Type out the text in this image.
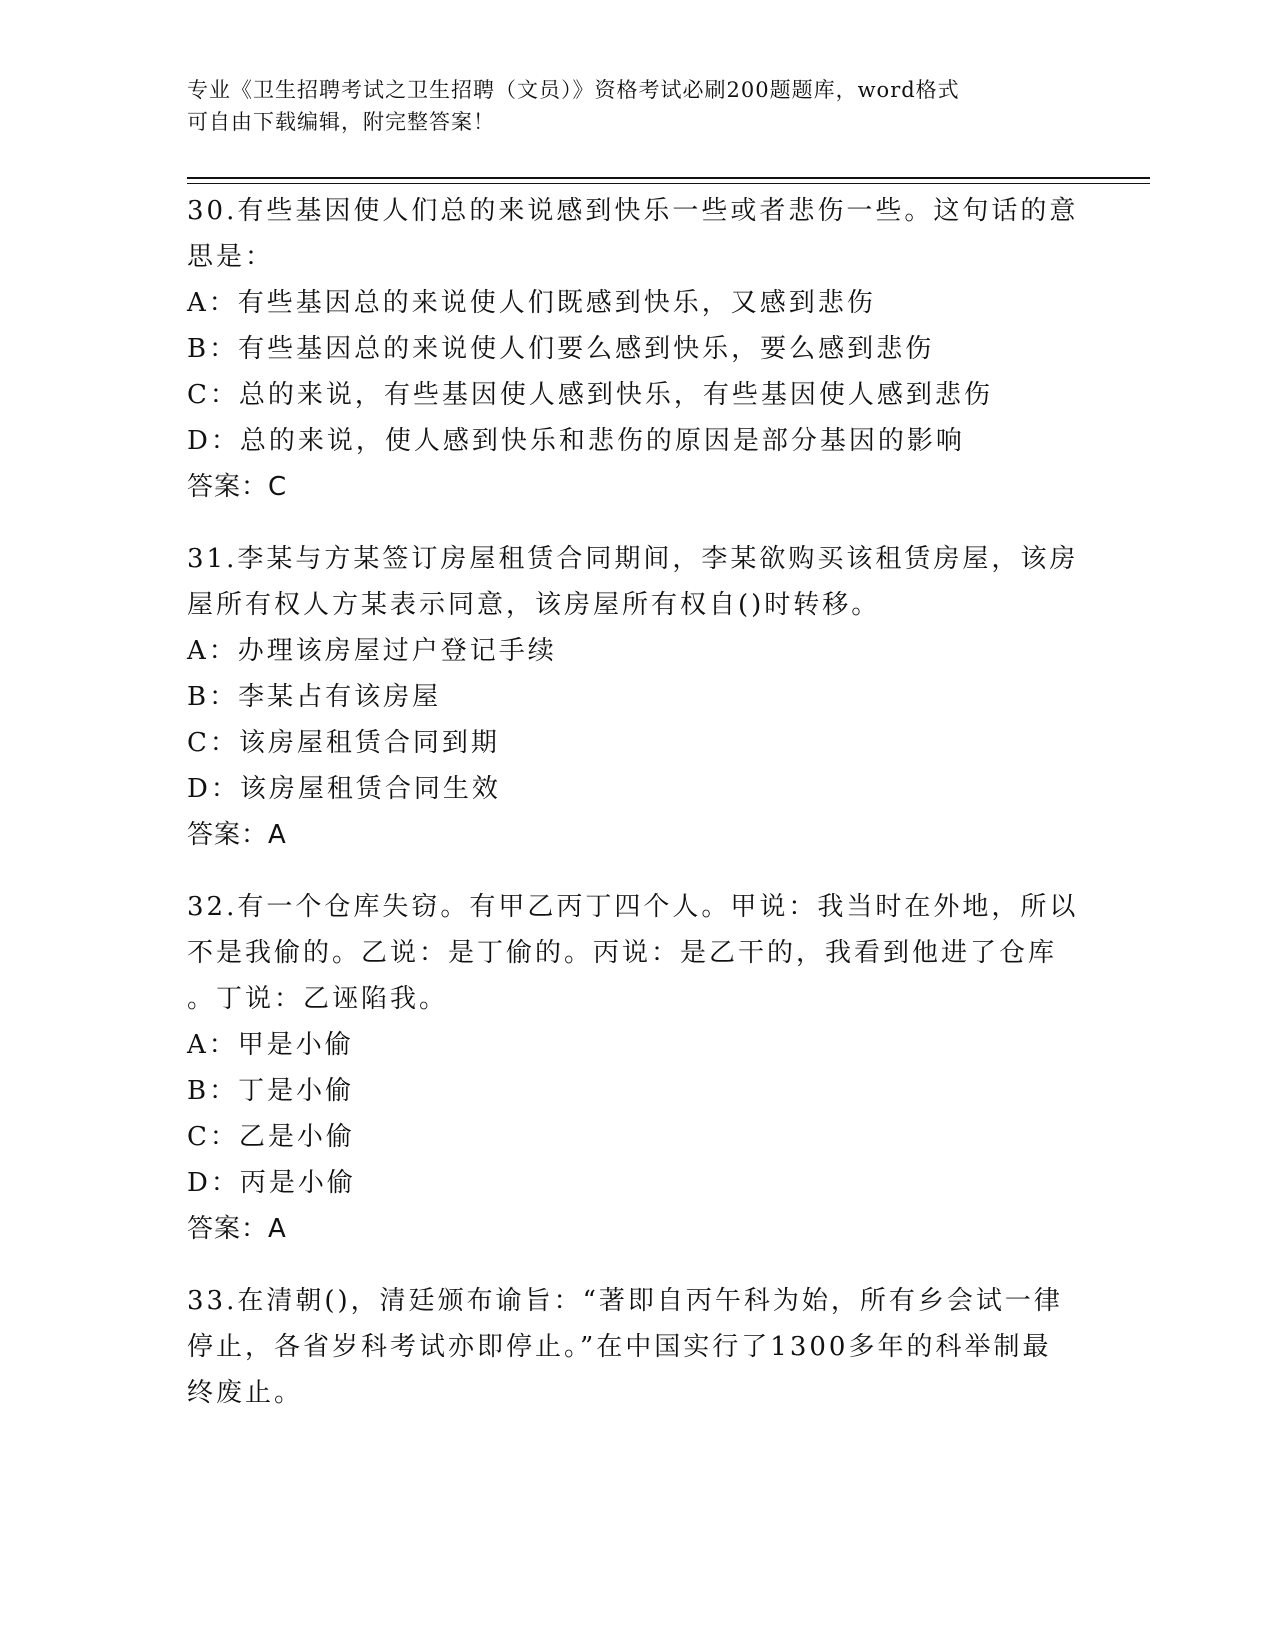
专业《卫生招聘考试之卫生招聘（文员）》资格考试必刷200题题库，word格式
可自由下载编辑，附完整答案！
30.有些基因使人们总的来说感到快乐一些或者悲伤一些。这句话的意
思是：
A：有些基因总的来说使人们既感到快乐，又感到悲伤
B：有些基因总的来说使人们要么感到快乐，要么感到悲伤
C：总的来说，有些基因使人感到快乐，有些基因使人感到悲伤
D：总的来说，使人感到快乐和悲伤的原因是部分基因的影响
答案：C
31.李某与方某签订房屋租赁合同期间，李某欲购买该租赁房屋，该房
屋所有权人方某表示同意，该房屋所有权自()时转移。
A：办理该房屋过户登记手续
B：李某占有该房屋
C：该房屋租赁合同到期
D：该房屋租赁合同生效
答案：A
32.有一个仓库失窃。有甲乙丙丁四个人。甲说：我当时在外地，所以
不是我偷的。乙说：是丁偷的。丙说：是乙干的，我看到他进了仓库
。丁说：乙诬陷我。
A：甲是小偷
B：丁是小偷
C：乙是小偷
D：丙是小偷
答案：A
33.在清朝()，清廷颁布谕旨：“著即自丙午科为始，所有乡会试一律
停止，各省岁科考试亦即停止。”在中国实行了1300多年的科举制最
终废止。
